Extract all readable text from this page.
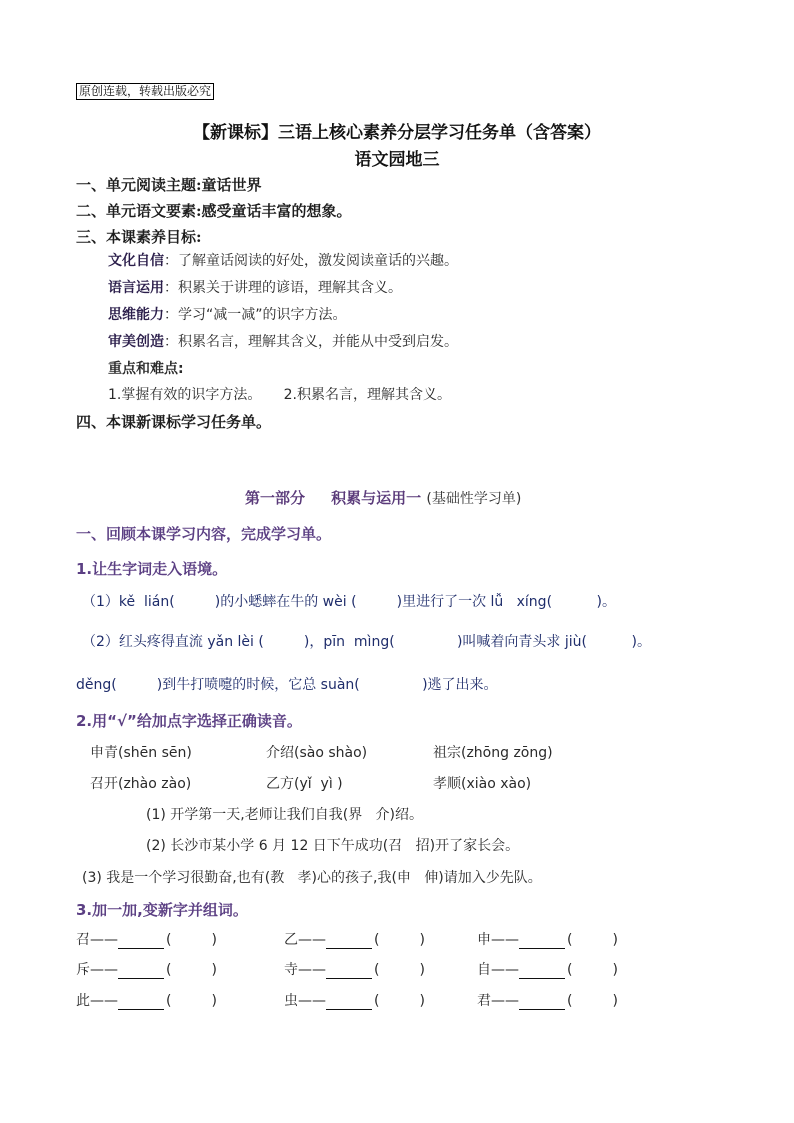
原创连载，转载出版必究
【新课标】三语上核心素养分层学习任务单（含答案）
语文园地三
一、单元阅读主题:童话世界
二、单元语文要素:感受童话丰富的想象。
三、本课素养目标:
文化自信：了解童话阅读的好处，激发阅读童话的兴趣。
语言运用：积累关于讲理的谚语，理解其含义。
思维能力：学习“减一减”的识字方法。
审美创造：积累名言，理解其含义，并能从中受到启发。
重点和难点:
1.掌握有效的识字方法。     2.积累名言，理解其含义。
四、本课新课标学习任务单。
第一部分     积累与运用一 (基础性学习单)
一、回顾本课学习内容，完成学习单。
1.让生字词走入语境。
（1）kě  lián(         )的小蟋蟀在牛的 wèi (         )里进行了一次 lǚ   xíng(          )。
（2）红头疼得直流 yǎn lèi (         )，pīn  mìng(              )叫喊着向青头求 jiù(          )。
děng(         )到牛打喷嚏的时候，它总 suàn(              )逃了出来。
2.用“√”给加点字选择正确读音。
申青(shēn sēn)	介绍(sào shào)	祖宗(zhōng zōng)
召开(zhào zào)	乙方(yǐ  yì )	孝顺(xiào xào)
(1) 开学第一天,老师让我们自我(界   介)绍。
(2) 长沙市某小学 6 月 12 日下午成功(召   招)开了家长会。
(3) 我是一个学习很勤奋,也有(教   孝)心的孩子,我(申   伸)请加入少先队。
3.加一加,变新字并组词。
召——	(         )	乙——	(         )	申——	(         )
斥——	(         )	寺——	(         )	自——	(         )
此——	(         )	虫——	(         )	君——	(         )
